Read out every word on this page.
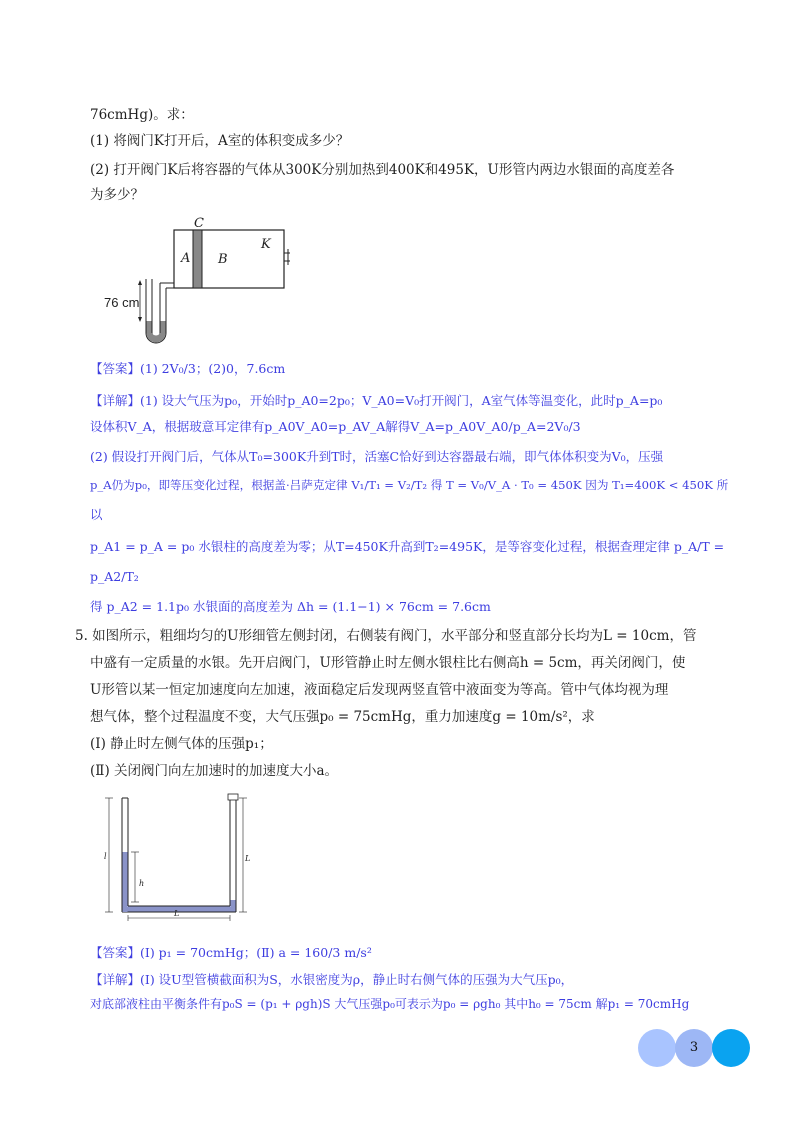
76cmHg)。求：
(1) 将阀门K打开后，A室的体积变成多少？
(2) 打开阀门K后将容器的气体从300K分别加热到400K和495K，U形管内两边水银面的高度差各
为多少？
C
A B
K
76 cm
【答案】(1) 2V₀/3；(2)0，7.6cm
【详解】(1) 设大气压为p₀，开始时p_A0=2p₀；V_A0=V₀打开阀门，A室气体等温变化，此时p_A=p₀
设体积V_A，根据玻意耳定律有p_A0V_A0=p_AV_A解得V_A=p_A0V_A0/p_A=2V₀/3
(2) 假设打开阀门后，气体从T₀=300K升到T时，活塞C恰好到达容器最右端，即气体体积变为V₀，压强
p_A仍为p₀，即等压变化过程，根据盖·吕萨克定律 V₁/T₁ = V₂/T₂ 得 T = V₀/V_A · T₀ = 450K 因为 T₁=400K < 450K 所
以
p_A1 = p_A = p₀ 水银柱的高度差为零；从T=450K升高到T₂=495K，是等容变化过程，根据查理定律 p_A/T =
p_A2/T₂
得 p_A2 = 1.1p₀ 水银面的高度差为 Δh = (1.1−1) × 76cm = 7.6cm
5. 如图所示，粗细均匀的U形细管左侧封闭，右侧装有阀门，水平部分和竖直部分长均为L = 10cm，管
中盛有一定质量的水银。先开启阀门，U形管静止时左侧水银柱比右侧高h = 5cm，再关闭阀门，使
U形管以某一恒定加速度向左加速，液面稳定后发现两竖直管中液面变为等高。管中气体均视为理
想气体，整个过程温度不变，大气压强p₀ = 75cmHg，重力加速度g = 10m/s²，求
(Ⅰ) 静止时左侧气体的压强p₁；
(Ⅱ) 关闭阀门向左加速时的加速度大小a。
l
h
L
L
【答案】(Ⅰ) p₁ = 70cmHg；(Ⅱ) a = 160/3 m/s²
【详解】(Ⅰ) 设U型管横截面积为S，水银密度为ρ，静止时右侧气体的压强为大气压p₀，
对底部液柱由平衡条件有p₀S = (p₁ + ρgh)S 大气压强p₀可表示为p₀ = ρgh₀ 其中h₀ = 75cm 解p₁ = 70cmHg
3
